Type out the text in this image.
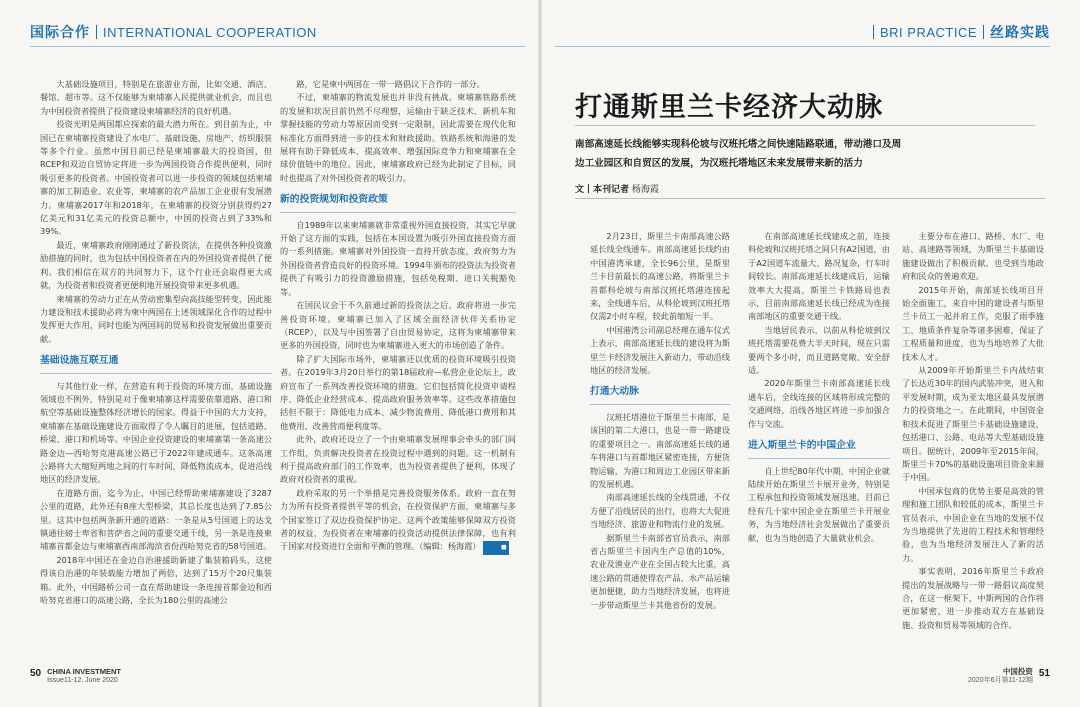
国际合作 INTERNATIONAL COOPERATION	BRI PRACTICE 丝路实践

大基础设施项目，特别是在旅游业方面，比如交通、酒店、餐馆、超市等。这不仅能够为柬埔寨人民提供就业机会，而且也为中国投资者提供了投资建设柬埔寨经济的良好机遇。

投资光明是两国都应探索的最大潜力所在。到目前为止，中国已在柬埔寨投资建设了水电厂、基础设施、房地产、纺织服装等多个行业。虽然中国目前已经是柬埔寨最大的投资国，但RCEP和双边自贸协定将进一步为两国投资合作提供便利，同时吸引更多的投资者。中国投资者可以进一步投资的领域包括柬埔寨的加工制造业、农业等，柬埔寨的农产品加工企业很有发展潜力。柬埔寨2017年和2018年，在柬埔寨的投资分别获得约27亿美元和31亿美元的投资总额中，中国的投资占到了33%和39%。

最近，柬埔寨政府刚刚通过了新投资法，在提供各种投资激励措施的同时，也为包括中国投资者在内的外国投资者提供了便利。我们相信在双方的共同努力下，这个行业还会取得更大成就，为投资者和投资者更便利地开展投资带来更多机遇。

柬埔寨的劳动力正在从劳动密集型向高技能型转变，因此能力建设和技术援助必将为柬中两国在上述领域深化合作的过程中发挥更大作用，同时也能为两国间的贸易和投资发展做出重要贡献。

基础设施互联互通

与其他行业一样，在营造有利于投资的环境方面，基础设施领域也不例外，特别是对于像柬埔寨这样需要依靠道路、港口和航空等基础设施整体经济增长的国家。得益于中国的大力支持，柬埔寨在基础设施建设方面取得了令人瞩目的进展，包括道路、桥梁、港口和机场等。中国企业投资建设的柬埔寨第一条高速公路金边—西哈努克港高速公路已于2022年建成通车。这条高速公路将大大缩短两地之间的行车时间，降低物流成本，促进沿线地区的经济发展。

在道路方面，迄今为止，中国已经帮助柬埔寨建设了3287公里的道路，此外还有8座大型桥梁，其总长度也达到了7.85公里。这其中包括两条新开通的道路：一条是从5号国道上的达戈镇通往磅士卑省和菩萨省之间的重要交通干线，另一条是连接柬埔寨首都金边与柬埔寨西南部海滨省份西哈努克省的58号国道。

2018年中国还在金边自治港援助新建了集装箱码头，这使得该自治港的年装载能力增加了两倍，达到了15万个20尺集装箱。此外，中国路桥公司一直在帮助建设一条连接首都金边和西哈努克省港口的高速公路，全长为180公里的高速公

路，它是柬中两国在一带一路倡议下合作的一部分。

不过，柬埔寨的物流发展也并非没有挑战。柬埔寨铁路系统的发展和状况目前仍然不尽理想，运输由于缺乏技术、新机车和掌握技能的劳动力等原因而受到一定限制，因此需要在现代化和标准化方面得到进一步的技术和财政援助。铁路系统和海港的发展将有助于降低成本、提高效率、增强国际竞争力和柬埔寨在全球价值链中的地位。因此，柬埔寨政府已经为此制定了目标，同时也提高了对外国投资者的吸引力。

新的投资规划和投资政策

自1989年以来柬埔寨就非常重视外国直接投资，其实它早就开始了这方面的实践，包括在本国设置为吸引外国直接投资方面的一系列措施。柬埔寨对外国投资一直持开放态度，政府努力为外国投资者营造良好的投资环境。1994年颁布的投资法为投资者提供了有吸引力的投资激励措施，包括免税期、进口关税豁免等。

在国民议会于不久前通过新的投资法之后，政府将进一步完善投资环境。柬埔寨已加入了区域全面经济伙伴关系协定（RCEP），以及与中国签署了自由贸易协定，这将为柬埔寨带来更多的外国投资，同时也为柬埔寨进入更大的市场创造了条件。

除了扩大国际市场外，柬埔寨还以优质的投资环境吸引投资者。在2019年3月20日举行的第18届政府—私营企业论坛上，政府宣布了一系列改善投资环境的措施。它们包括简化投资申请程序、降低企业经营成本、提高政府服务效率等。这些改革措施包括但不限于：降低电力成本、减少物流费用、降低港口费用和其他费用、改善营商便利度等。

此外，政府还设立了一个由柬埔寨发展理事会牵头的部门间工作组，负责解决投资者在投资过程中遇到的问题。这一机制有利于提高政府部门的工作效率，也为投资者提供了便利，体现了政府对投资者的重视。

政府采取的另一个举措是完善投资服务体系。政府一直在努力为所有投资者提供平等的机会，在投资保护方面，柬埔寨与多个国家签订了双边投资保护协定。这两个政策能够保障双方投资者的权益，为投资者在柬埔寨的投资活动提供法律保障，也有利于国家对投资进行全面和平衡的管理。（编辑：杨海霞）	◼

打通斯里兰卡经济大动脉
南部高速延长线能够实现科伦坡与汉班托塔之间快速陆路联通，带动港口及周边工业园区和自贸区的发展，为汉班托塔地区未来发展带来新的活力
文丨本刊记者 杨海霞

2月23日，斯里兰卡南部高速公路延长线全线通车。南部高速延长线约由中国港湾承建，全长96公里，是斯里兰卡目前最长的高速公路，将斯里兰卡首都科伦坡与南部汉班托塔港连接起来，全线通车后，从科伦坡到汉班托塔仅需2小时车程，较此前缩短一半。

中国港湾公司副总经理在通车仪式上表示，南部高速延长线的建设将为斯里兰卡经济发展注入新动力，带动沿线地区的经济发展。

打通大动脉

汉班托塔港位于斯里兰卡南部，是该国的第二大港口，也是一带一路建设的重要项目之一。南部高速延长线的通车将港口与首都地区紧密连接，方便货物运输，为港口和周边工业园区带来新的发展机遇。

南部高速延长线的全线贯通，不仅方便了沿线居民的出行，也将大大促进当地经济、旅游业和物流行业的发展。

据斯里兰卡南部省官员表示，南部省占斯里兰卡国内生产总值的10%，农业及渔业产业在全国占较大比重，高速公路的贯通使得农产品、水产品运输更加便捷，助力当地经济发展，也将进一步带动斯里兰卡其他省份的发展。

在南部高速延长线建成之前，连接科伦坡和汉班托塔之间只有A2国道，由于A2国道车流量大、路况复杂，行车时间较长。南部高速延长线建成后，运输效率大大提高，斯里兰卡铁路局也表示，目前南部高速延长线已经成为连接南部地区的重要交通干线。

当地居民表示，以前从科伦坡到汉班托塔需要花费大半天时间，现在只需要两个多小时，而且道路宽敞、安全舒适。

2020年斯里兰卡南部高速延长线通车后，全线连接的区域将形成完整的交通网络，沿线各地区将进一步加强合作与交流。

进入斯里兰卡的中国企业

自上世纪80年代中期，中国企业就陆续开始在斯里兰卡展开业务，特别是工程承包和投资领域发展迅速，目前已经有几十家中国企业在斯里兰卡开展业务，为当地经济社会发展做出了重要贡献，也为当地创造了大量就业机会。

主要分布在港口、路桥、水厂、电站、高速路等领域，为斯里兰卡基础设施建设做出了积极贡献，也受到当地政府和民众的普遍欢迎。

2015年开始，南部延长线项目开始全面施工，来自中国的建设者与斯里兰卡员工一起并肩工作，克服了雨季施工、地质条件复杂等诸多困难，保证了工程质量和进度，也为当地培养了大批技术人才。

从2009年开始斯里兰卡内战结束了长达近30年的国内武装冲突，进入和平发展时期，成为亚太地区最具发展潜力的投资地之一。在此期间，中国资金和技术促进了斯里兰卡基础设施建设，包括港口、公路、电站等大型基础设施项目。据统计，2009年至2015年间，斯里兰卡70%的基础设施项目资金来源于中国。

中国承包商的优势主要是高效的管理和施工团队和较低的成本，斯里兰卡官员表示，中国企业在当地的发展不仅为当地提供了先进的工程技术和管理经验，也为当地经济发展注入了新的活力。

事实表明，2016年斯里兰卡政府提出的发展战略与一带一路倡议高度契合，在这一框架下，中斯两国的合作将更加紧密，进一步推动双方在基础设施、投资和贸易等领域的合作。

50 CHINA INVESTMENT
Issue11-12, June 2020
中国投资
2020年6月第11-12期
51
